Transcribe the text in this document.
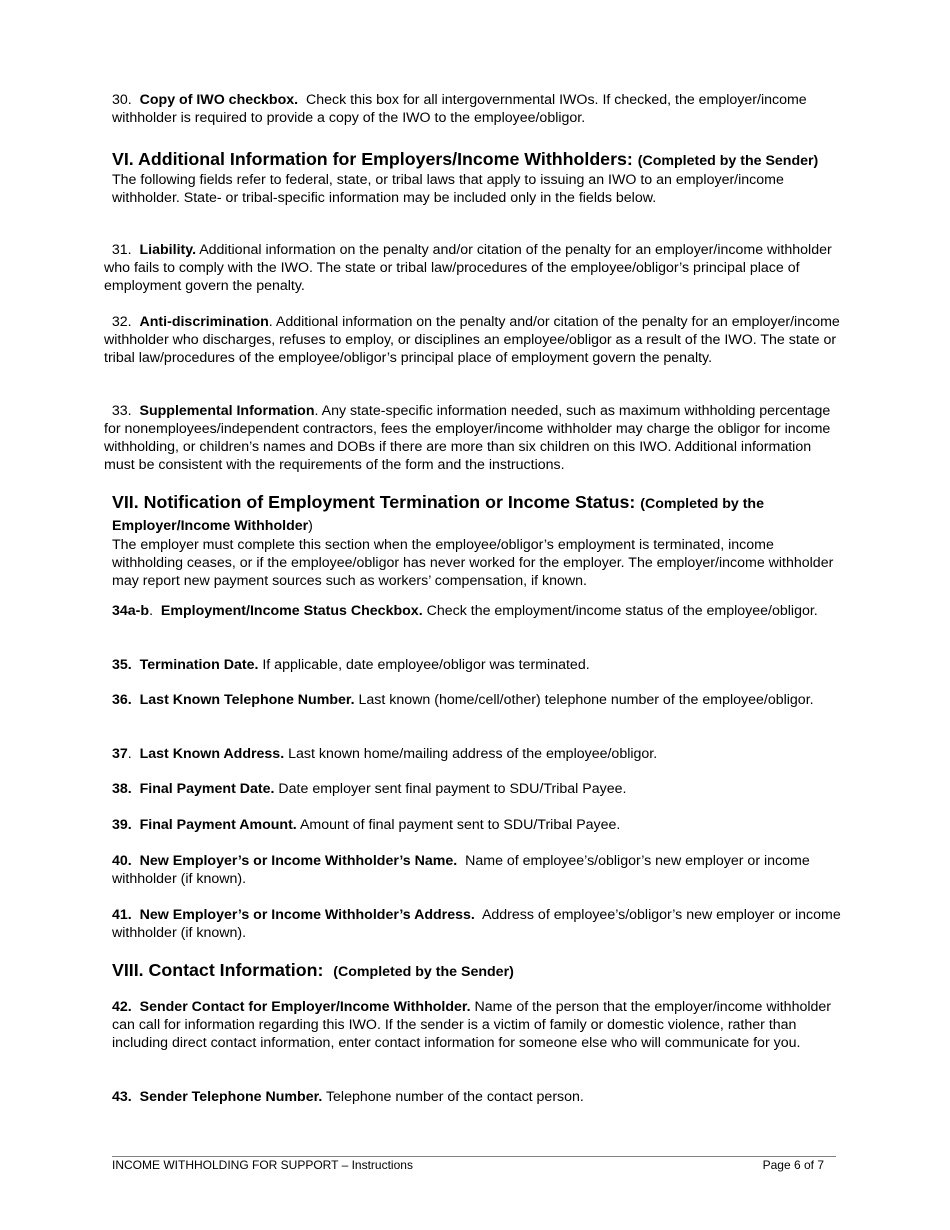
30. Copy of IWO checkbox. Check this box for all intergovernmental IWOs. If checked, the employer/income withholder is required to provide a copy of the IWO to the employee/obligor.

VI. Additional Information for Employers/Income Withholders: (Completed by the Sender)
The following fields refer to federal, state, or tribal laws that apply to issuing an IWO to an employer/income withholder. State- or tribal-specific information may be included only in the fields below.

31. Liability. Additional information on the penalty and/or citation of the penalty for an employer/income withholder who fails to comply with the IWO. The state or tribal law/procedures of the employee/obligor’s principal place of employment govern the penalty.

32. Anti-discrimination. Additional information on the penalty and/or citation of the penalty for an employer/income withholder who discharges, refuses to employ, or disciplines an employee/obligor as a result of the IWO. The state or tribal law/procedures of the employee/obligor’s principal place of employment govern the penalty.

33. Supplemental Information. Any state-specific information needed, such as maximum withholding percentage for nonemployees/independent contractors, fees the employer/income withholder may charge the obligor for income withholding, or children’s names and DOBs if there are more than six children on this IWO. Additional information must be consistent with the requirements of the form and the instructions.

VII. Notification of Employment Termination or Income Status: (Completed by the Employer/Income Withholder)
The employer must complete this section when the employee/obligor’s employment is terminated, income withholding ceases, or if the employee/obligor has never worked for the employer. The employer/income withholder may report new payment sources such as workers’ compensation, if known.

34a-b.  Employment/Income Status Checkbox. Check the employment/income status of the employee/obligor.

35. Termination Date. If applicable, date employee/obligor was terminated.

36. Last Known Telephone Number. Last known (home/cell/other) telephone number of the employee/obligor.

37.  Last Known Address. Last known home/mailing address of the employee/obligor.

38. Final Payment Date. Date employer sent final payment to SDU/Tribal Payee.

39. Final Payment Amount. Amount of final payment sent to SDU/Tribal Payee.

40. New Employer’s or Income Withholder’s Name. Name of employee’s/obligor’s new employer or income withholder (if known).

41. New Employer’s or Income Withholder’s Address. Address of employee’s/obligor’s new employer or income withholder (if known).

VIII. Contact Information: (Completed by the Sender)

42. Sender Contact for Employer/Income Withholder. Name of the person that the employer/income withholder can call for information regarding this IWO. If the sender is a victim of family or domestic violence, rather than including direct contact information, enter contact information for someone else who will communicate for you.

43. Sender Telephone Number. Telephone number of the contact person.

INCOME WITHHOLDING FOR SUPPORT – Instructions	Page 6 of 7
